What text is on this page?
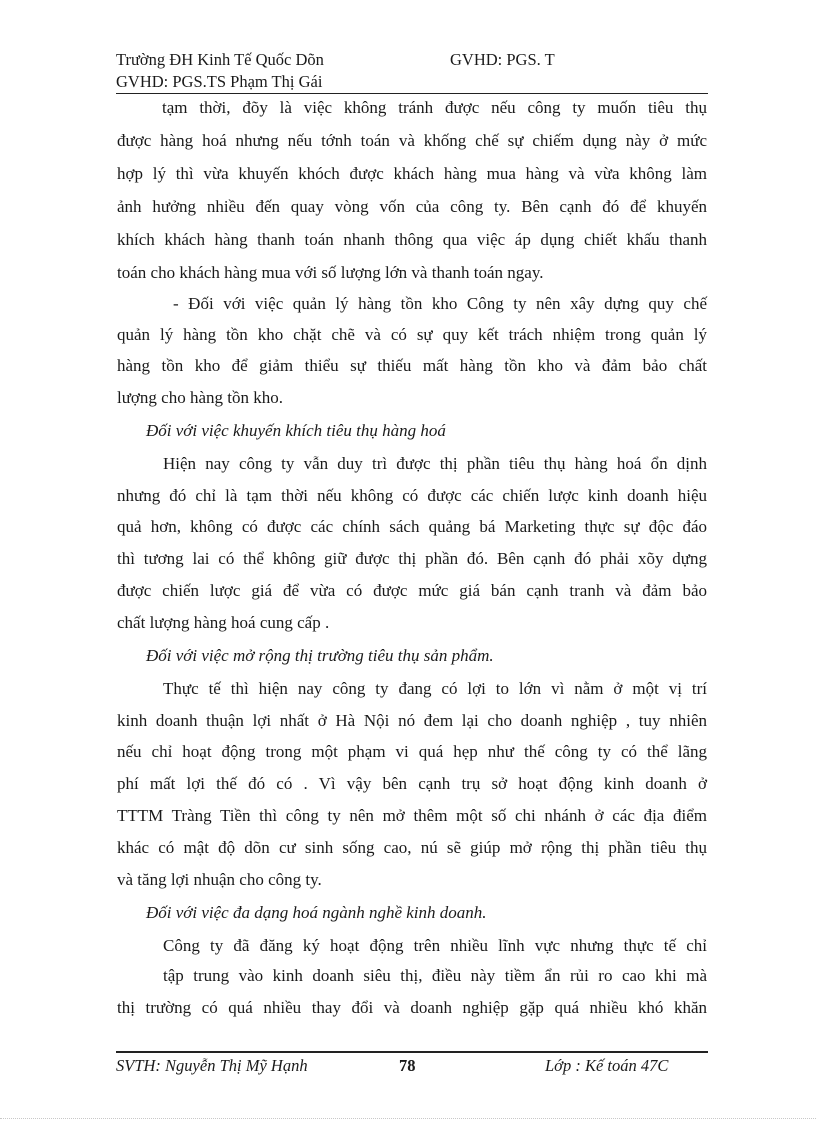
Trường ĐH Kinh Tế Quốc Dõn	GVHD: PGS. T
GVHD: PGS.TS Phạm Thị Gái
tạm thời, đõy là việc không tránh được nếu công ty muốn tiêu thụ
được hàng hoá nhưng nếu tớnh toán và khống chế sự chiếm dụng này ở mức
hợp lý thì vừa khuyến khóch được khách hàng mua hàng và vừa không làm
ảnh hưởng nhiều đến quay vòng vốn của công ty. Bên cạnh đó để khuyến
khích khách hàng thanh toán nhanh thông qua việc áp dụng chiết khấu thanh
toán cho khách hàng mua với số lượng lớn và thanh toán ngay.
- Đối với việc quản lý hàng tồn kho Công ty nên xây dựng quy chế
quản lý hàng tồn kho chặt chẽ và có sự quy kết trách nhiệm trong quản lý
hàng tồn kho để giảm thiểu sự thiếu mất hàng tồn kho và đảm bảo chất
lượng cho hàng tồn kho.
Đối với việc khuyến khích tiêu thụ hàng hoá
Hiện nay công ty vẫn duy trì được thị phần tiêu thụ hàng hoá ổn dịnh
nhưng đó chỉ là tạm thời nếu không có được các chiến lược kinh doanh hiệu
quả hơn, không có được các chính sách quảng bá Marketing thực sự độc đáo
thì tương lai có thể không giữ được thị phần đó. Bên cạnh đó phải xõy dựng
được chiến lược giá để vừa có được mức giá bán cạnh tranh và đảm bảo
chất lượng hàng hoá cung cấp .
Đối với việc mở rộng thị trường tiêu thụ sản phẩm.
Thực tế thì hiện nay công ty đang có lợi to lớn vì nằm ở một vị trí
kinh doanh thuận lợi nhất ở Hà Nội nó đem lại cho doanh nghiệp , tuy nhiên
nếu chỉ hoạt động trong một phạm vi quá hẹp như thế công ty có thể lãng
phí mất lợi thế đó có . Vì vậy bên cạnh trụ sở hoạt động kinh doanh ở
TTTM Tràng Tiền thì công ty nên mở thêm một số chi nhánh ở các địa điểm
khác có mật độ dõn cư sinh sống cao, nú sẽ giúp mở rộng thị phần tiêu thụ
và tăng lợi nhuận cho công ty.
Đối với việc đa dạng hoá ngành nghề kinh doanh.
Công ty đã đăng ký hoạt động trên nhiều lĩnh vực nhưng thực tế chỉ
tập trung vào kinh doanh siêu thị, điều này tiềm ẩn rủi ro cao khi mà
thị trường có quá nhiều thay đổi và doanh nghiệp gặp quá nhiều khó khăn
SVTH: Nguyễn Thị Mỹ Hạnh	78	Lớp : Kế toán 47C
